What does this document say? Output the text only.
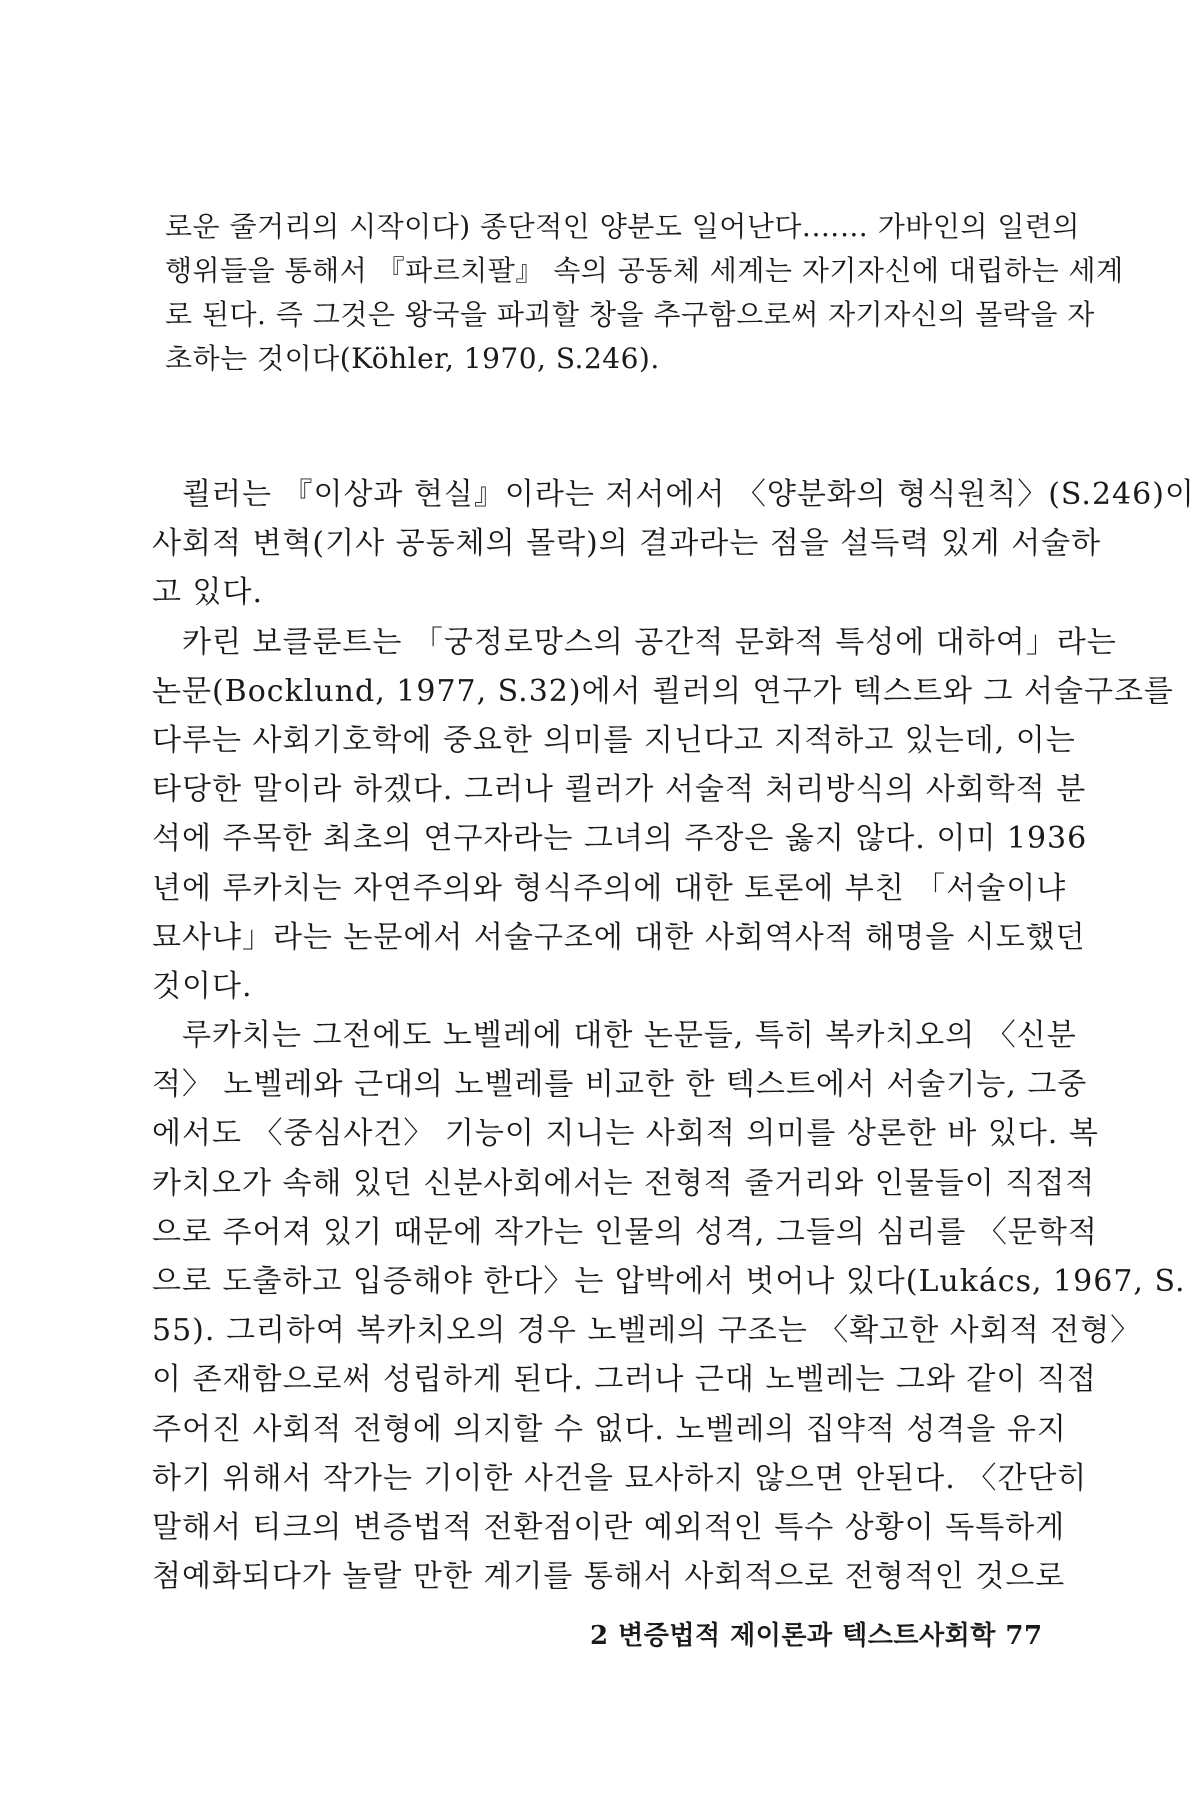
로운 줄거리의 시작이다) 종단적인 양분도 일어난다.…… 가바인의 일련의
행위들을 통해서 『파르치팔』 속의 공동체 세계는 자기자신에 대립하는 세계
로 된다. 즉 그것은 왕국을 파괴할 창을 추구함으로써 자기자신의 몰락을 자
초하는 것이다(Köhler, 1970, S.246).
쾰러는 『이상과 현실』이라는 저서에서 〈양분화의 형식원칙〉(S.246)이
사회적 변혁(기사 공동체의 몰락)의 결과라는 점을 설득력 있게 서술하
고 있다.
카린 보클룬트는 「궁정로망스의 공간적 문화적 특성에 대하여」라는
논문(Bocklund, 1977, S.32)에서 쾰러의 연구가 텍스트와 그 서술구조를
다루는 사회기호학에 중요한 의미를 지닌다고 지적하고 있는데, 이는
타당한 말이라 하겠다. 그러나 쾰러가 서술적 처리방식의 사회학적 분
석에 주목한 최초의 연구자라는 그녀의 주장은 옳지 않다. 이미 1936
년에 루카치는 자연주의와 형식주의에 대한 토론에 부친 「서술이냐
묘사냐」라는 논문에서 서술구조에 대한 사회역사적 해명을 시도했던
것이다.
루카치는 그전에도 노벨레에 대한 논문들, 특히 복카치오의 〈신분
적〉 노벨레와 근대의 노벨레를 비교한 한 텍스트에서 서술기능, 그중
에서도 〈중심사건〉 기능이 지니는 사회적 의미를 상론한 바 있다. 복
카치오가 속해 있던 신분사회에서는 전형적 줄거리와 인물들이 직접적
으로 주어져 있기 때문에 작가는 인물의 성격, 그들의 심리를 〈문학적
으로 도출하고 입증해야 한다〉는 압박에서 벗어나 있다(Lukács, 1967, S.
55). 그리하여 복카치오의 경우 노벨레의 구조는 〈확고한 사회적 전형〉
이 존재함으로써 성립하게 된다. 그러나 근대 노벨레는 그와 같이 직접
주어진 사회적 전형에 의지할 수 없다. 노벨레의 집약적 성격을 유지
하기 위해서 작가는 기이한 사건을 묘사하지 않으면 안된다. 〈간단히
말해서 티크의 변증법적 전환점이란 예외적인 특수 상황이 독특하게
첨예화되다가 놀랄 만한 계기를 통해서 사회적으로 전형적인 것으로
2 변증법적 제이론과 텍스트사회학 77
